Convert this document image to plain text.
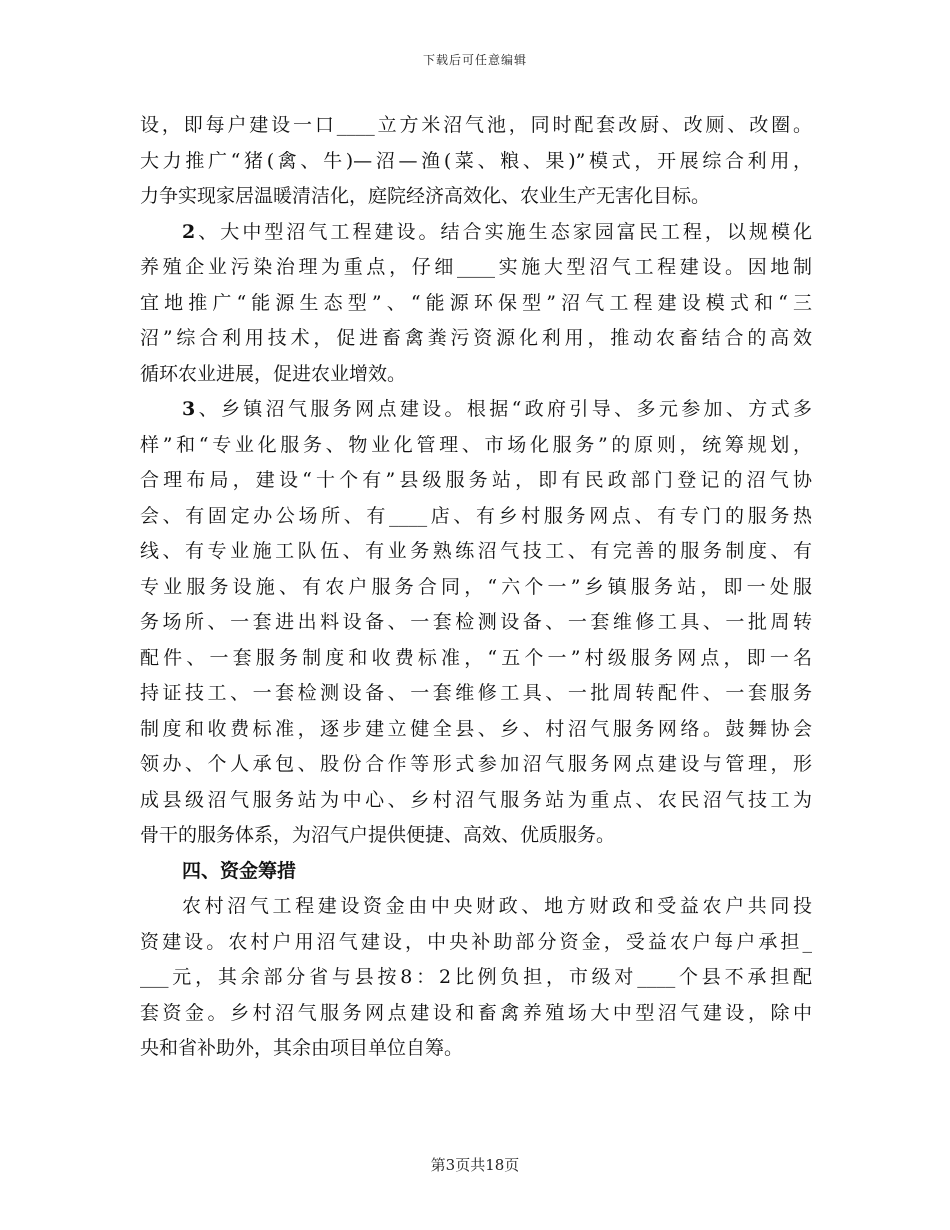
下载后可任意编辑
设，即每户建设一口____立方米沼气池，同时配套改厨、改厕、改圈。
大力推广“猪(禽、牛)—沼—渔(菜、粮、果)”模式，开展综合利用，
力争实现家居温暖清洁化，庭院经济高效化、农业生产无害化目标。
2、大中型沼气工程建设。结合实施生态家园富民工程，以规模化
养殖企业污染治理为重点，仔细____实施大型沼气工程建设。因地制
宜地推广“能源生态型”、“能源环保型”沼气工程建设模式和“三
沼”综合利用技术，促进畜禽粪污资源化利用，推动农畜结合的高效
循环农业进展，促进农业增效。
3、乡镇沼气服务网点建设。根据“政府引导、多元参加、方式多
样”和“专业化服务、物业化管理、市场化服务”的原则，统筹规划，
合理布局，建设“十个有”县级服务站，即有民政部门登记的沼气协
会、有固定办公场所、有____店、有乡村服务网点、有专门的服务热
线、有专业施工队伍、有业务熟练沼气技工、有完善的服务制度、有
专业服务设施、有农户服务合同，“六个一”乡镇服务站，即一处服
务场所、一套进出料设备、一套检测设备、一套维修工具、一批周转
配件、一套服务制度和收费标准，“五个一”村级服务网点，即一名
持证技工、一套检测设备、一套维修工具、一批周转配件、一套服务
制度和收费标准，逐步建立健全县、乡、村沼气服务网络。鼓舞协会
领办、个人承包、股份合作等形式参加沼气服务网点建设与管理，形
成县级沼气服务站为中心、乡村沼气服务站为重点、农民沼气技工为
骨干的服务体系，为沼气户提供便捷、高效、优质服务。
四、资金筹措
农村沼气工程建设资金由中央财政、地方财政和受益农户共同投
资建设。农村户用沼气建设，中央补助部分资金，受益农户每户承担_
___元，其余部分省与县按8：2比例负担，市级对____个县不承担配
套资金。乡村沼气服务网点建设和畜禽养殖场大中型沼气建设，除中
央和省补助外，其余由项目单位自筹。
第3页共18页
